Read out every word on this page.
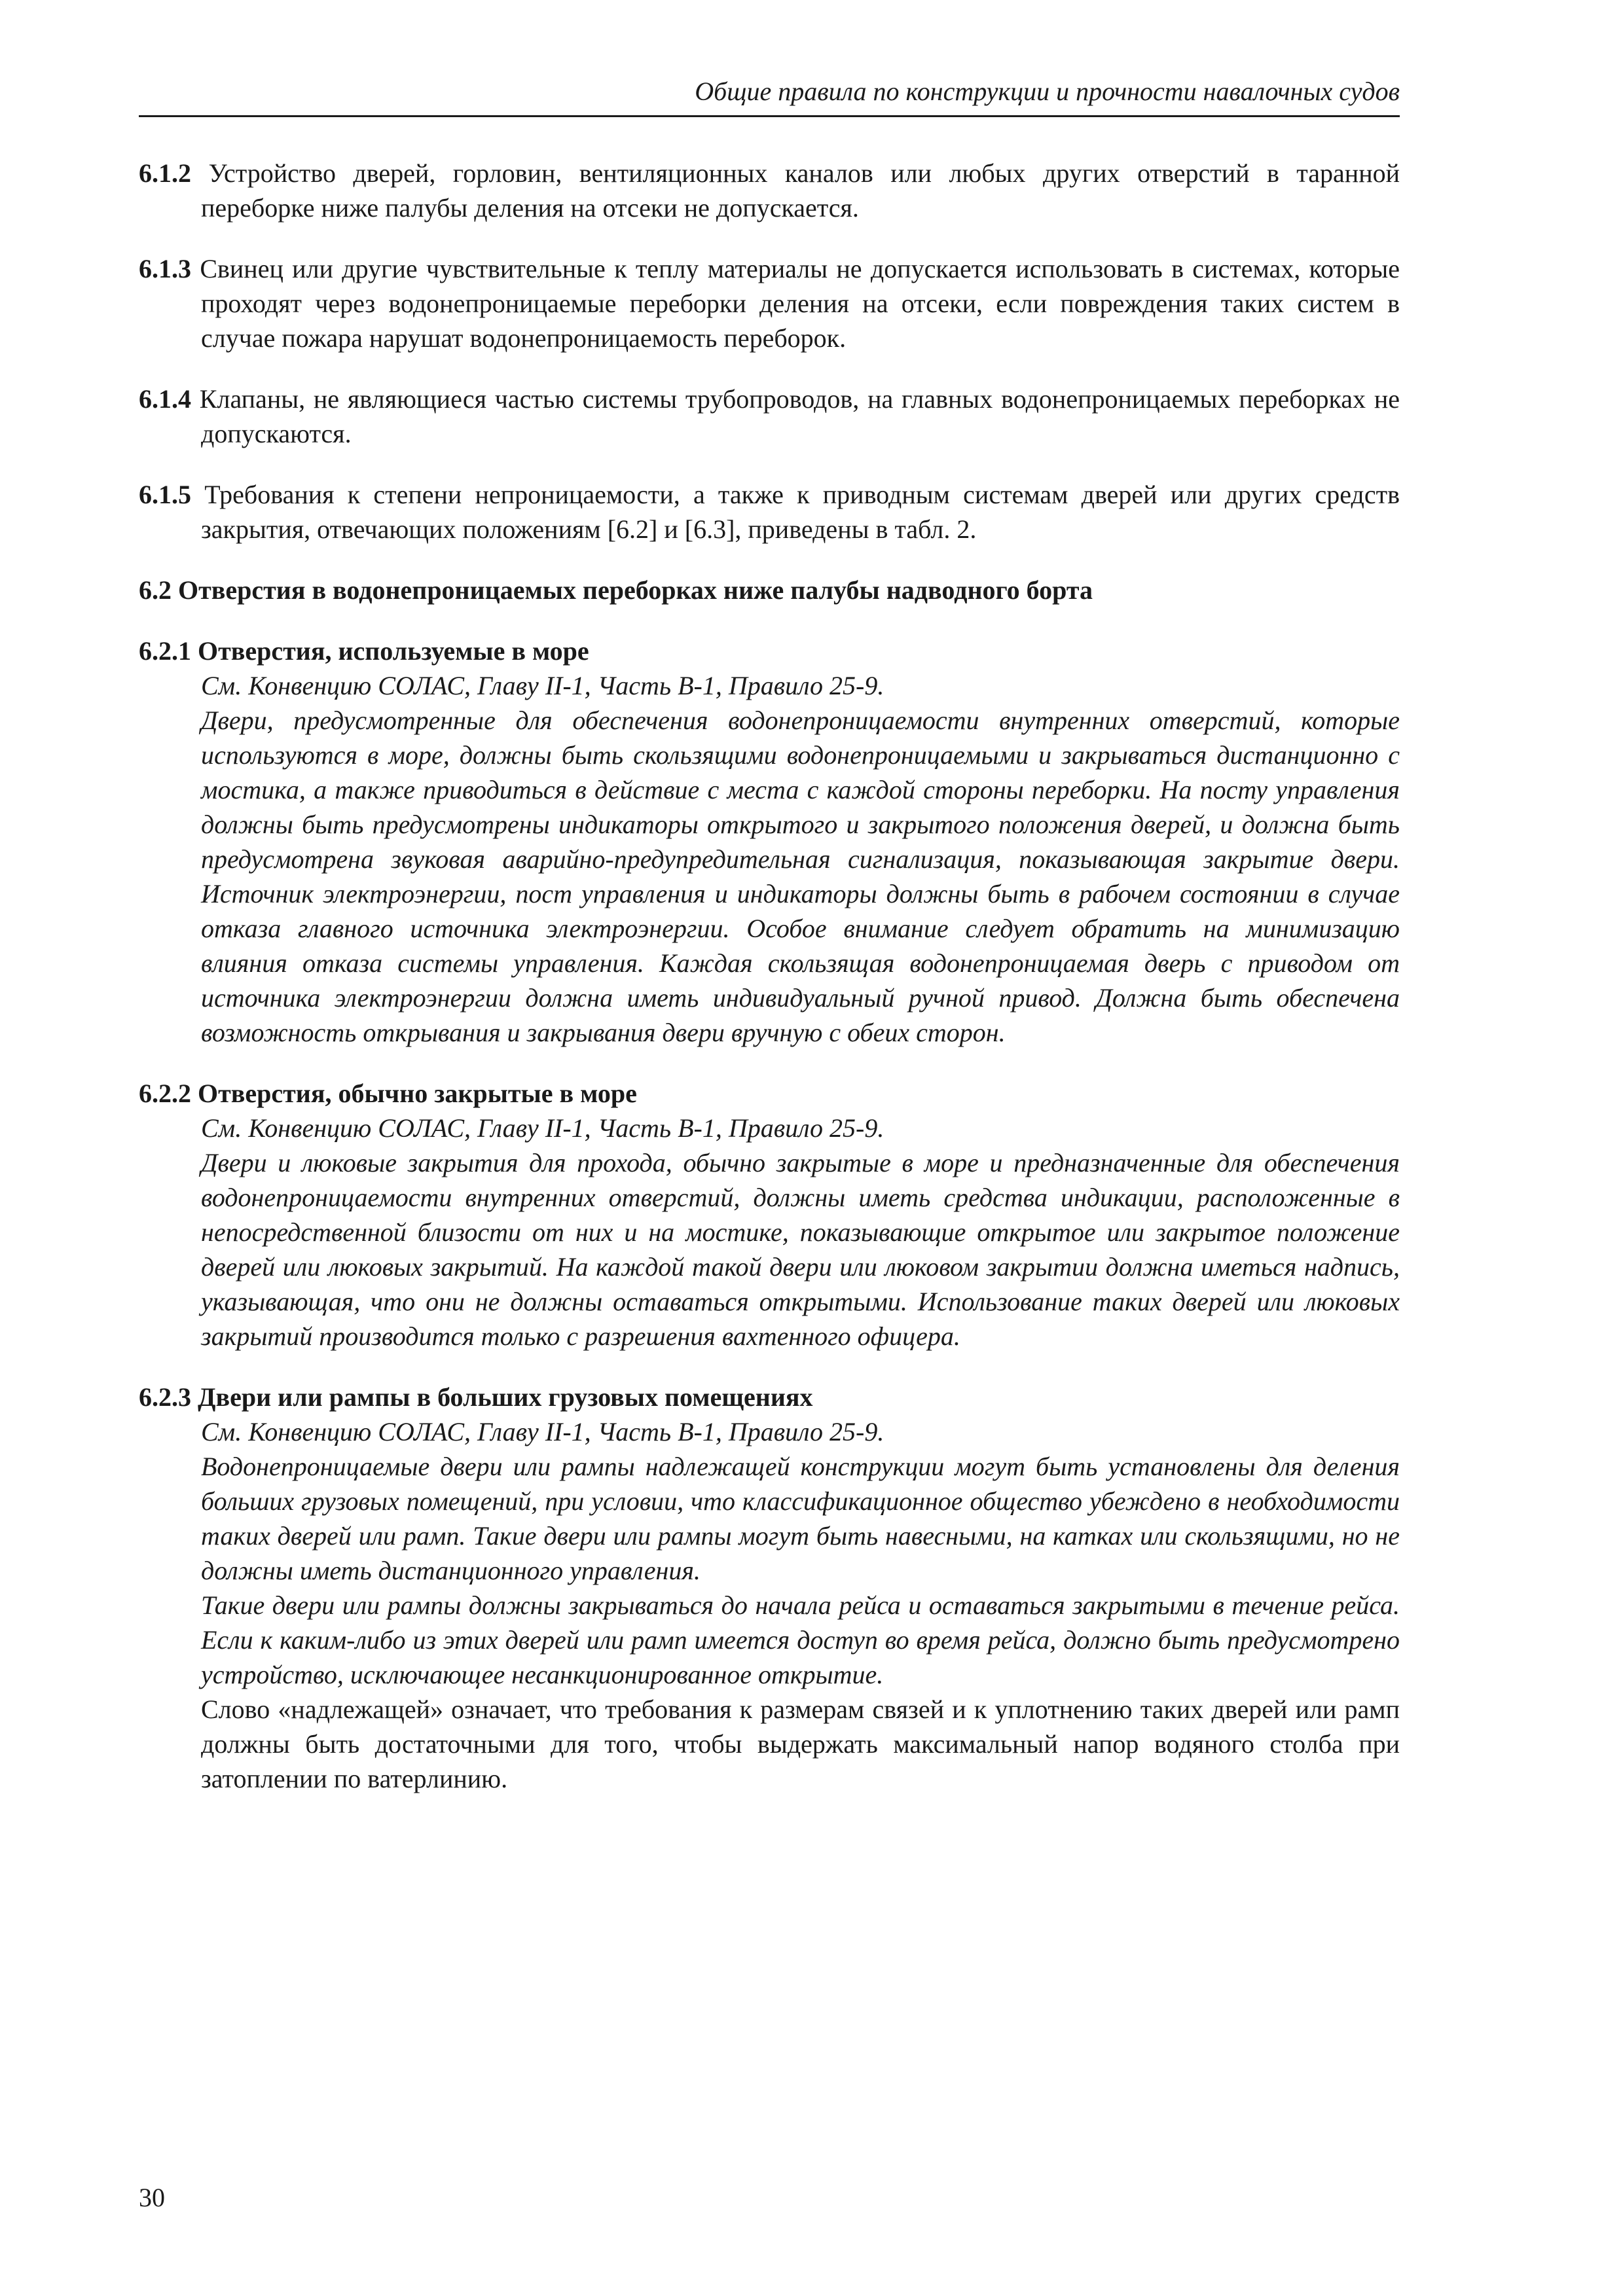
Общие правила по конструкции и прочности навалочных судов

6.1.2 Устройство дверей, горловин, вентиляционных каналов или любых других отверстий в таранной переборке ниже палубы деления на отсеки не допускается.

6.1.3 Свинец или другие чувствительные к теплу материалы не допускается использовать в системах, которые проходят через водонепроницаемые переборки деления на отсеки, если повреждения таких систем в случае пожара нарушат водонепроницаемость переборок.

6.1.4 Клапаны, не являющиеся частью системы трубопроводов, на главных водонепроницаемых переборках не допускаются.

6.1.5 Требования к степени непроницаемости, а также к приводным системам дверей или других средств закрытия, отвечающих положениям [6.2] и [6.3], приведены в табл. 2.

6.2 Отверстия в водонепроницаемых переборках ниже палубы надводного борта

6.2.1 Отверстия, используемые в море

См. Конвенцию СОЛАС, Главу II-1, Часть B-1, Правило 25-9.

Двери, предусмотренные для обеспечения водонепроницаемости внутренних отверстий, которые используются в море, должны быть скользящими водонепроницаемыми и закрываться дистанционно с мостика, а также приводиться в действие с места с каждой стороны переборки. На посту управления должны быть предусмотрены индикаторы открытого и закрытого положения дверей, и должна быть предусмотрена звуковая аварийно-предупредительная сигнализация, показывающая закрытие двери. Источник электроэнергии, пост управления и индикаторы должны быть в рабочем состоянии в случае отказа главного источника электроэнергии. Особое внимание следует обратить на минимизацию влияния отказа системы управления. Каждая скользящая водонепроницаемая дверь с приводом от источника электроэнергии должна иметь индивидуальный ручной привод. Должна быть обеспечена возможность открывания и закрывания двери вручную с обеих сторон.

6.2.2 Отверстия, обычно закрытые в море

См. Конвенцию СОЛАС, Главу II-1, Часть B-1, Правило 25-9.

Двери и люковые закрытия для прохода, обычно закрытые в море и предназначенные для обеспечения водонепроницаемости внутренних отверстий, должны иметь средства индикации, расположенные в непосредственной близости от них и на мостике, показывающие открытое или закрытое положение дверей или люковых закрытий. На каждой такой двери или люковом закрытии должна иметься надпись, указывающая, что они не должны оставаться открытыми. Использование таких дверей или люковых закрытий производится только с разрешения вахтенного офицера.

6.2.3 Двери или рампы в больших грузовых помещениях

См. Конвенцию СОЛАС, Главу II-1, Часть B-1, Правило 25-9.

Водонепроницаемые двери или рампы надлежащей конструкции могут быть установлены для деления больших грузовых помещений, при условии, что классификационное общество убеждено в необходимости таких дверей или рамп. Такие двери или рампы могут быть навесными, на катках или скользящими, но не должны иметь дистанционного управления.

Такие двери или рампы должны закрываться до начала рейса и оставаться закрытыми в течение рейса. Если к каким-либо из этих дверей или рамп имеется доступ во время рейса, должно быть предусмотрено устройство, исключающее несанкционированное открытие.

Слово «надлежащей» означает, что требования к размерам связей и к уплотнению таких дверей или рамп должны быть достаточными для того, чтобы выдержать максимальный напор водяного столба при затоплении по ватерлинию.

30
